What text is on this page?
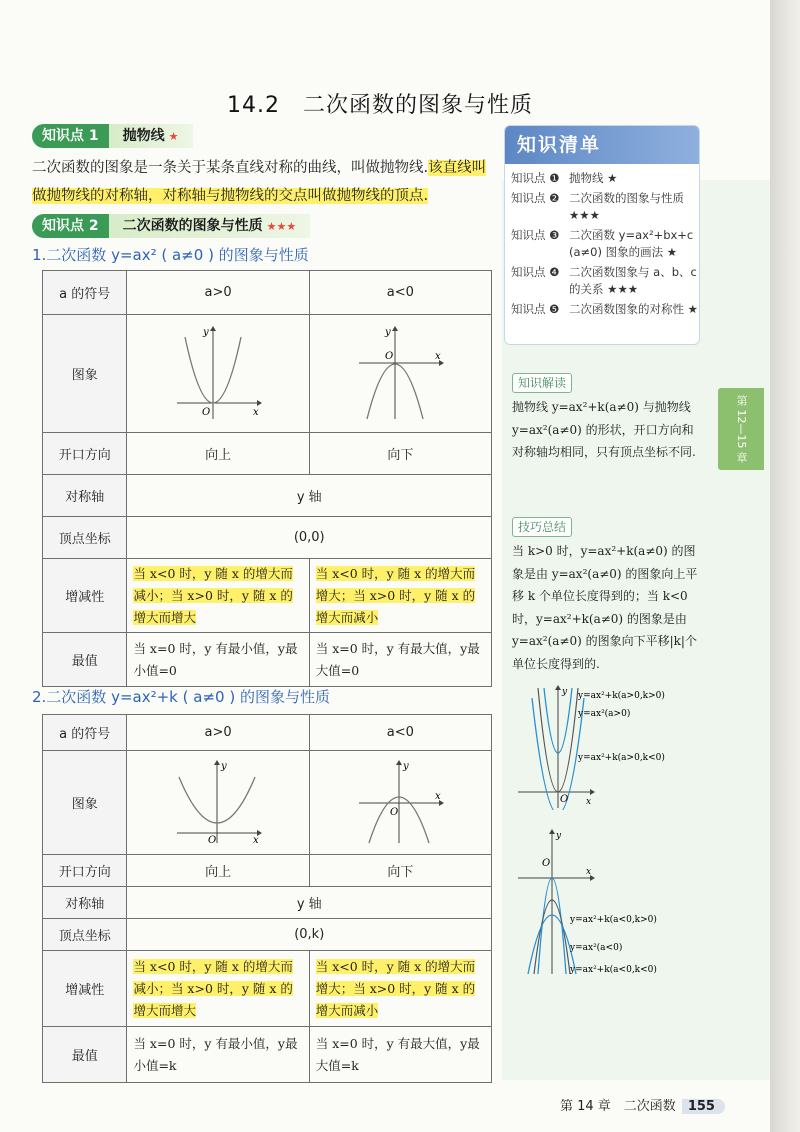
14.2　二次函数的图象与性质
知识点 1	抛物线 ★
二次函数的图象是一条关于某条直线对称的曲线，叫做抛物线.该直线叫做抛物线的对称轴，对称轴与抛物线的交点叫做抛物线的顶点.
知识点 2	二次函数的图象与性质 ★★★
1.二次函数 y=ax² ( a≠0 ) 的图象与性质
a 的符号	a>0	a<0
图象	x
y
O	x
y
O

开口方向	向上	向下
对称轴	y 轴	
顶点坐标	(0,0)	
增减性	当 x<0 时，y 随 x 的增大而减小；当 x>0 时，y 随 x 的增大而增大	当 x<0 时，y 随 x 的增大而增大；当 x>0 时，y 随 x 的增大而减小
最值	当 x=0 时，y 有最小值，y最小值=0	当 x=0 时，y 有最大值，y最大值=0
2.二次函数 y=ax²+k ( a≠0 ) 的图象与性质
a 的符号	a>0	a<0
图象	x
y
O	x
y
O

开口方向	向上	向下
对称轴	y 轴	
顶点坐标	(0,k)	
增减性	当 x<0 时，y 随 x 的增大而减小；当 x>0 时，y 随 x 的增大而增大	当 x<0 时，y 随 x 的增大而增大；当 x>0 时，y 随 x 的增大而减小
最值	当 x=0 时，y 有最小值，y最小值=k	当 x=0 时，y 有最大值，y最大值=k
知识清单
知识点 ❶ 抛物线 ★
知识点 ❷ 二次函数的图象与性质 ★★★
知识点 ❸ 二次函数 y=ax²+bx+c (a≠0) 图象的画法 ★
知识点 ❹ 二次函数图象与 a、b、c 的关系 ★★★
知识点 ❺ 二次函数图象的对称性 ★
知识解读
抛物线 y=ax²+k(a≠0) 与抛物线 y=ax²(a≠0) 的形状，开口方向和对称轴均相同，只有顶点坐标不同.
技巧总结
当 k>0 时，y=ax²+k(a≠0) 的图象是由 y=ax²(a≠0) 的图象向上平移 k 个单位长度得到的；当 k<0 时，y=ax²+k(a≠0) 的图象是由 y=ax²(a≠0) 的图象向下平移|k|个单位长度得到的.
y=ax²+k(a>0,k>0)
y=ax²(a>0)
y=ax²+k(a>0,k<0)
O
y
x
y=ax²+k(a<0,k>0)
y=ax²(a<0)
y=ax²+k(a<0,k<0)
O
y
x
第 12—15 章
第 14 章　二次函数 155
